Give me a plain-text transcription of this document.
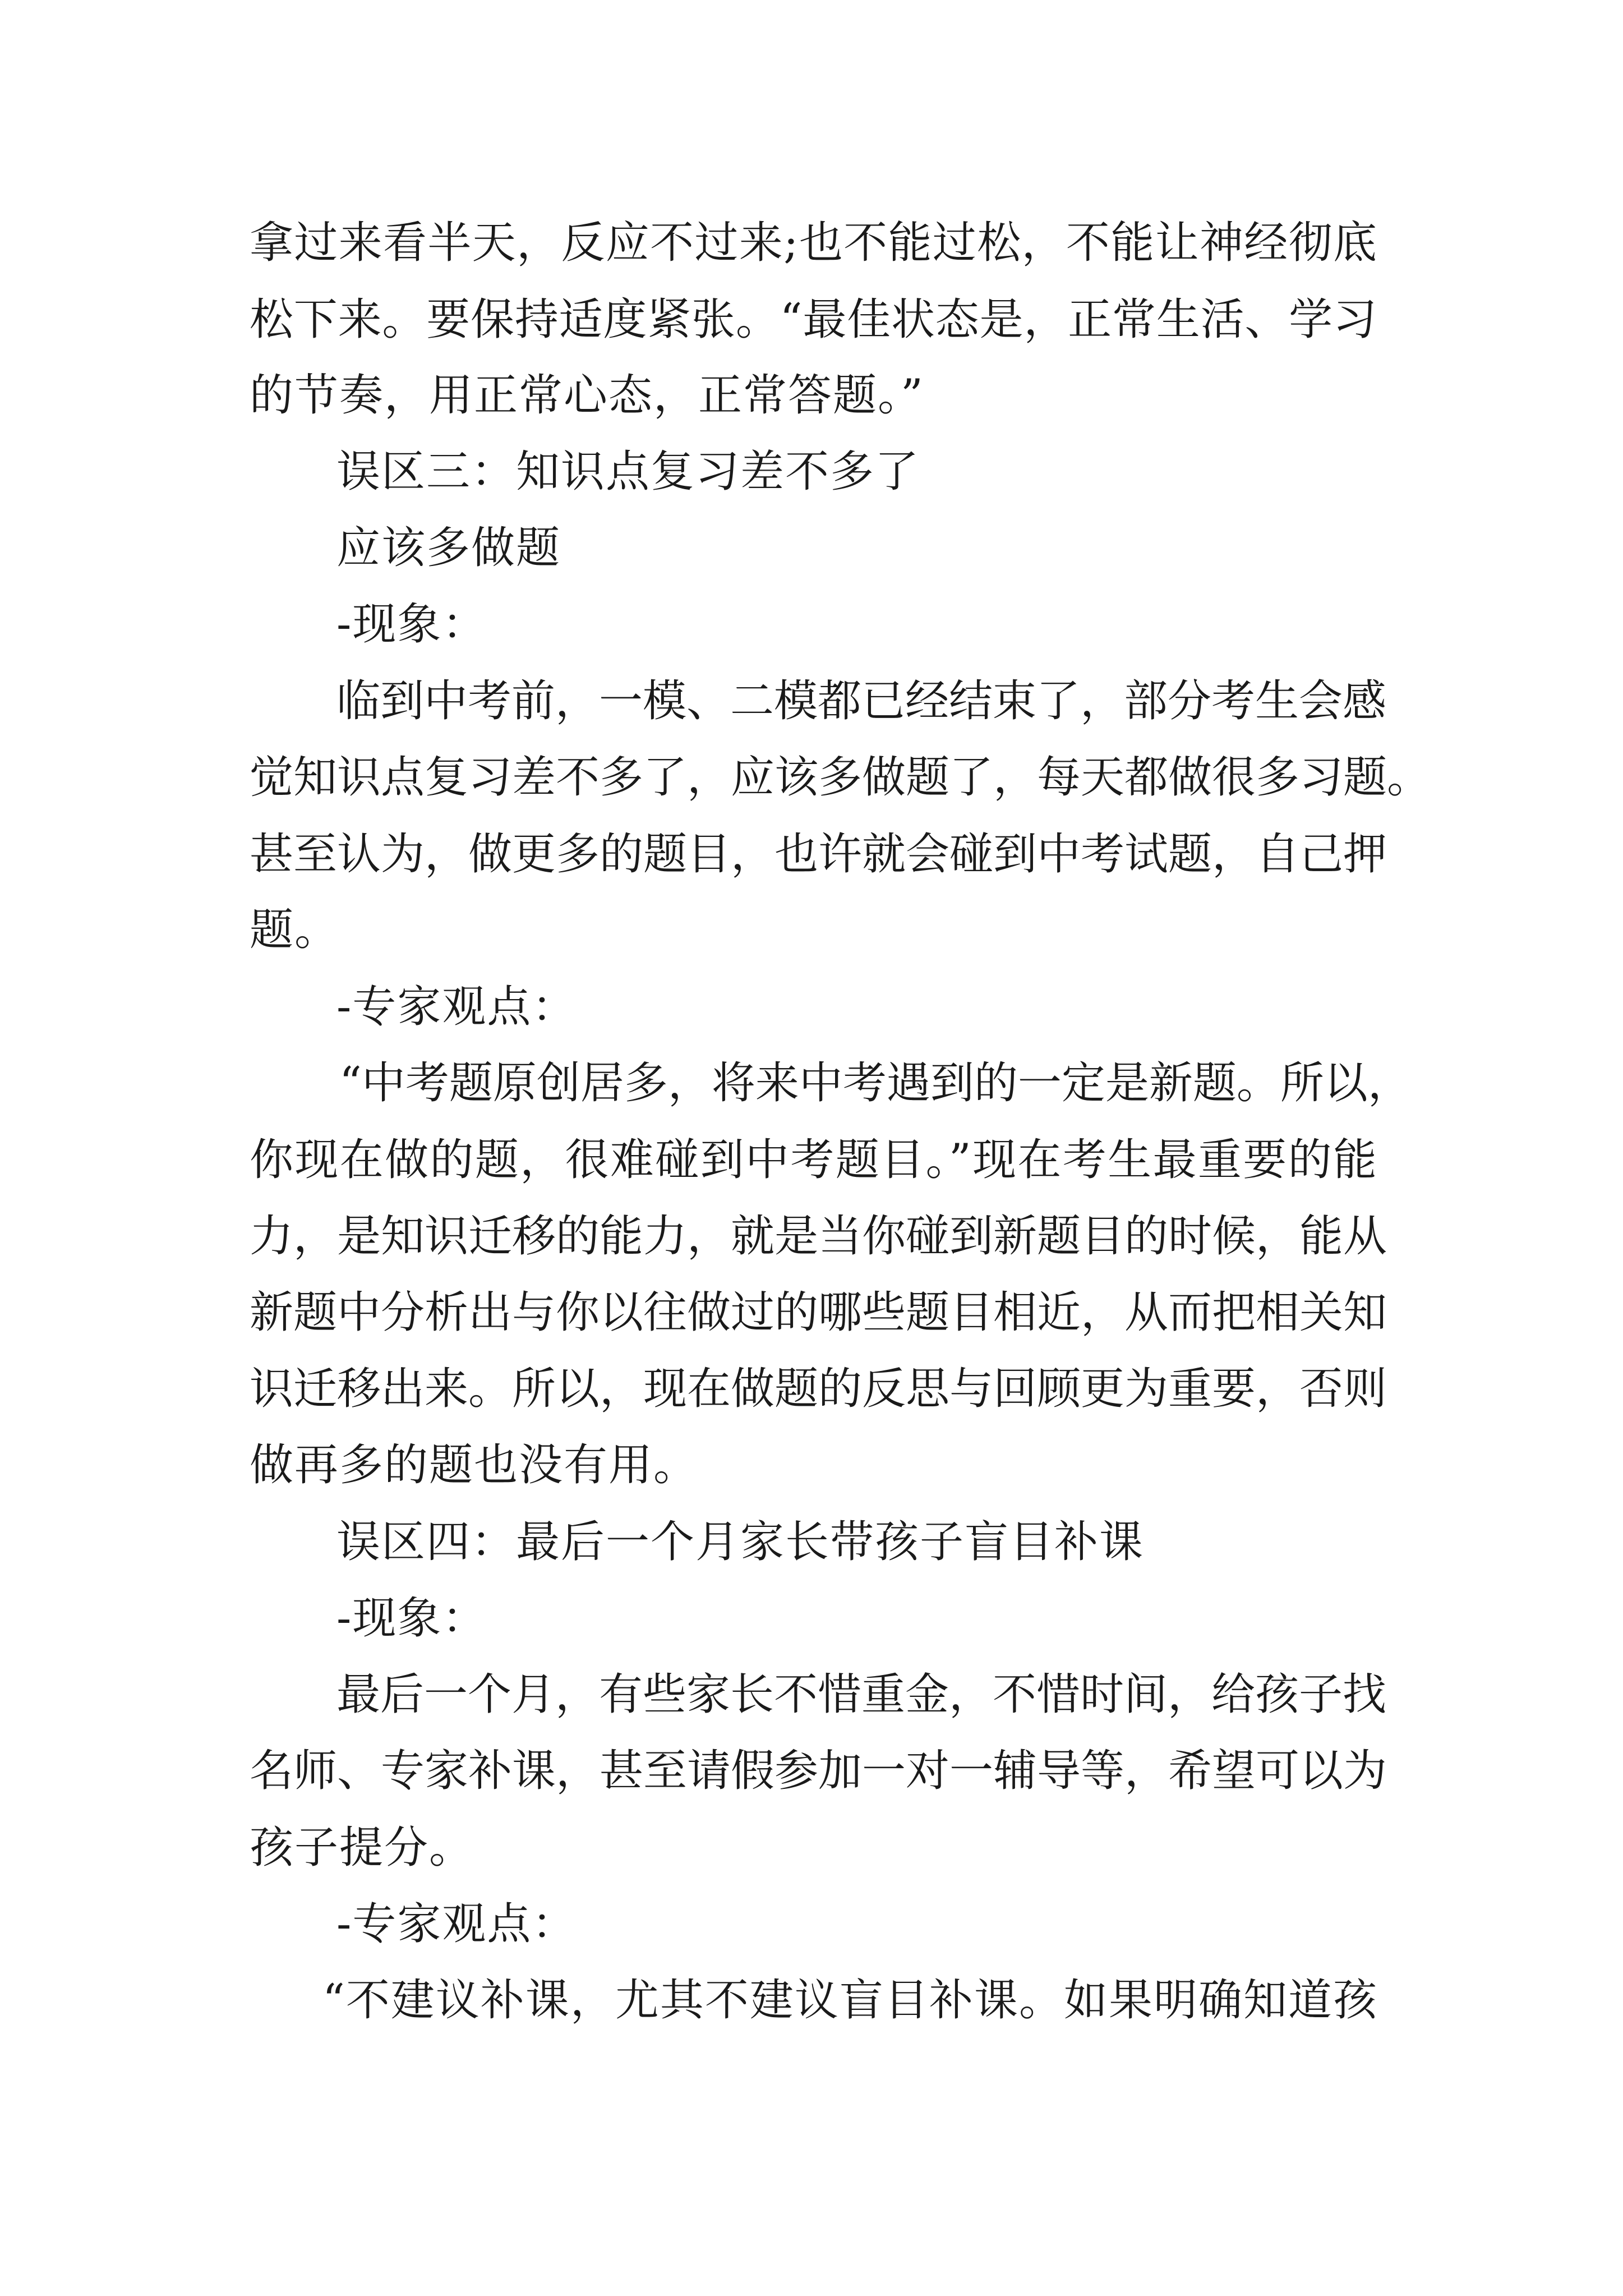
拿过来看半天，反应不过来;也不能过松，不能让神经彻底
松下来。要保持适度紧张。“最佳状态是，正常生活、学习
的节奏，用正常心态，正常答题。”
误区三：知识点复习差不多了
应该多做题
-现象：
临到中考前，一模、二模都已经结束了，部分考生会感
觉知识点复习差不多了，应该多做题了，每天都做很多习题。
甚至认为，做更多的题目，也许就会碰到中考试题，自己押
题。
-专家观点：
“中考题原创居多，将来中考遇到的一定是新题。所以，
你现在做的题，很难碰到中考题目。”现在考生最重要的能
力，是知识迁移的能力，就是当你碰到新题目的时候，能从
新题中分析出与你以往做过的哪些题目相近，从而把相关知
识迁移出来。所以，现在做题的反思与回顾更为重要，否则
做再多的题也没有用。
误区四：最后一个月家长带孩子盲目补课
-现象：
最后一个月，有些家长不惜重金，不惜时间，给孩子找
名师、专家补课，甚至请假参加一对一辅导等，希望可以为
孩子提分。
-专家观点：
“不建议补课，尤其不建议盲目补课。如果明确知道孩
